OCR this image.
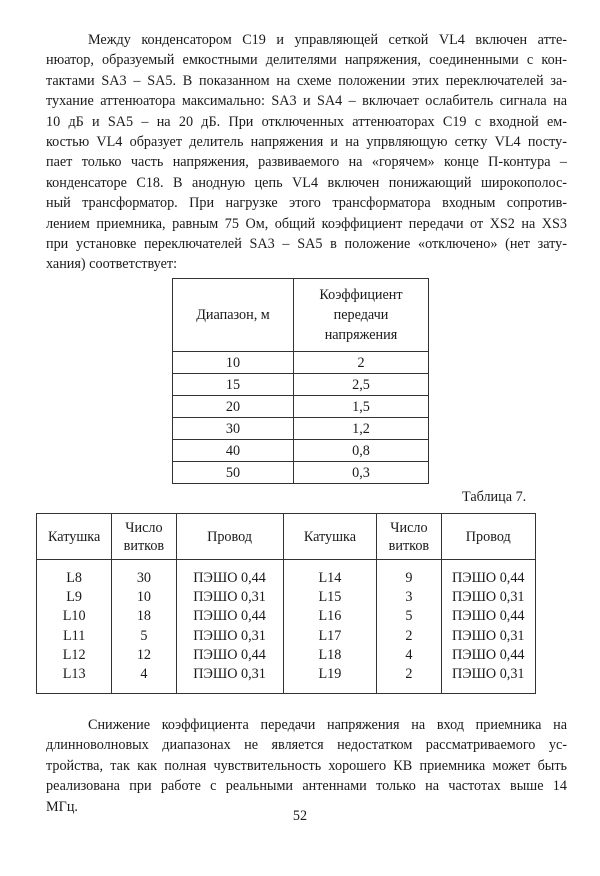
Между конденсатором С19 и управляющей сеткой VL4 включен атте-
нюатор, образуемый емкостными делителями напряжения, соединенными с кон-
тактами SA3 – SA5. В показанном на схеме положении этих переключателей за-
тухание аттенюатора максимально: SA3 и SA4 – включает ослабитель сигнала на
10 дБ и SA5 – на 20 дБ. При отключенных аттенюаторах С19 с входной ем-
костью VL4 образует делитель напряжения и на упрвляющую сетку VL4 посту-
пает только часть напряжения, развиваемого на «горячем» конце П-контура –
конденсаторе С18. В анодную цепь VL4 включен понижающий широкополос-
ный трансформатор. При нагрузке этого трансформатора входным сопротив-
лением приемника, равным 75 Ом, общий коэффициент передачи от XS2 на XS3
при установке переключателей SA3 – SA5 в положение «отключено» (нет зату-
хания) соответствует:
Диапазон, м	Коэффициент
передачи
напряжения
10	2
15	2,5
20	1,5
30	1,2
40	0,8
50	0,3
Таблица 7.
Катушка	Число
витков	Провод	Катушка	Число
витков	Провод
L8	30	ПЭШО 0,44	L14	9	ПЭШО 0,44
L9	10	ПЭШО 0,31	L15	3	ПЭШО 0,31
L10	18	ПЭШО 0,44	L16	5	ПЭШО 0,44
L11	5	ПЭШО 0,31	L17	2	ПЭШО 0,31
L12	12	ПЭШО 0,44	L18	4	ПЭШО 0,44
L13	4	ПЭШО 0,31	L19	2	ПЭШО 0,31
Снижение коэффициента передачи напряжения на вход приемника на
длинноволновых диапазонах не является недостатком рассматриваемого ус-
тройства, так как полная чувствительность хорошего КВ приемника может быть
реализована при работе с реальными антеннами только на частотах выше 14
МГц.
52
